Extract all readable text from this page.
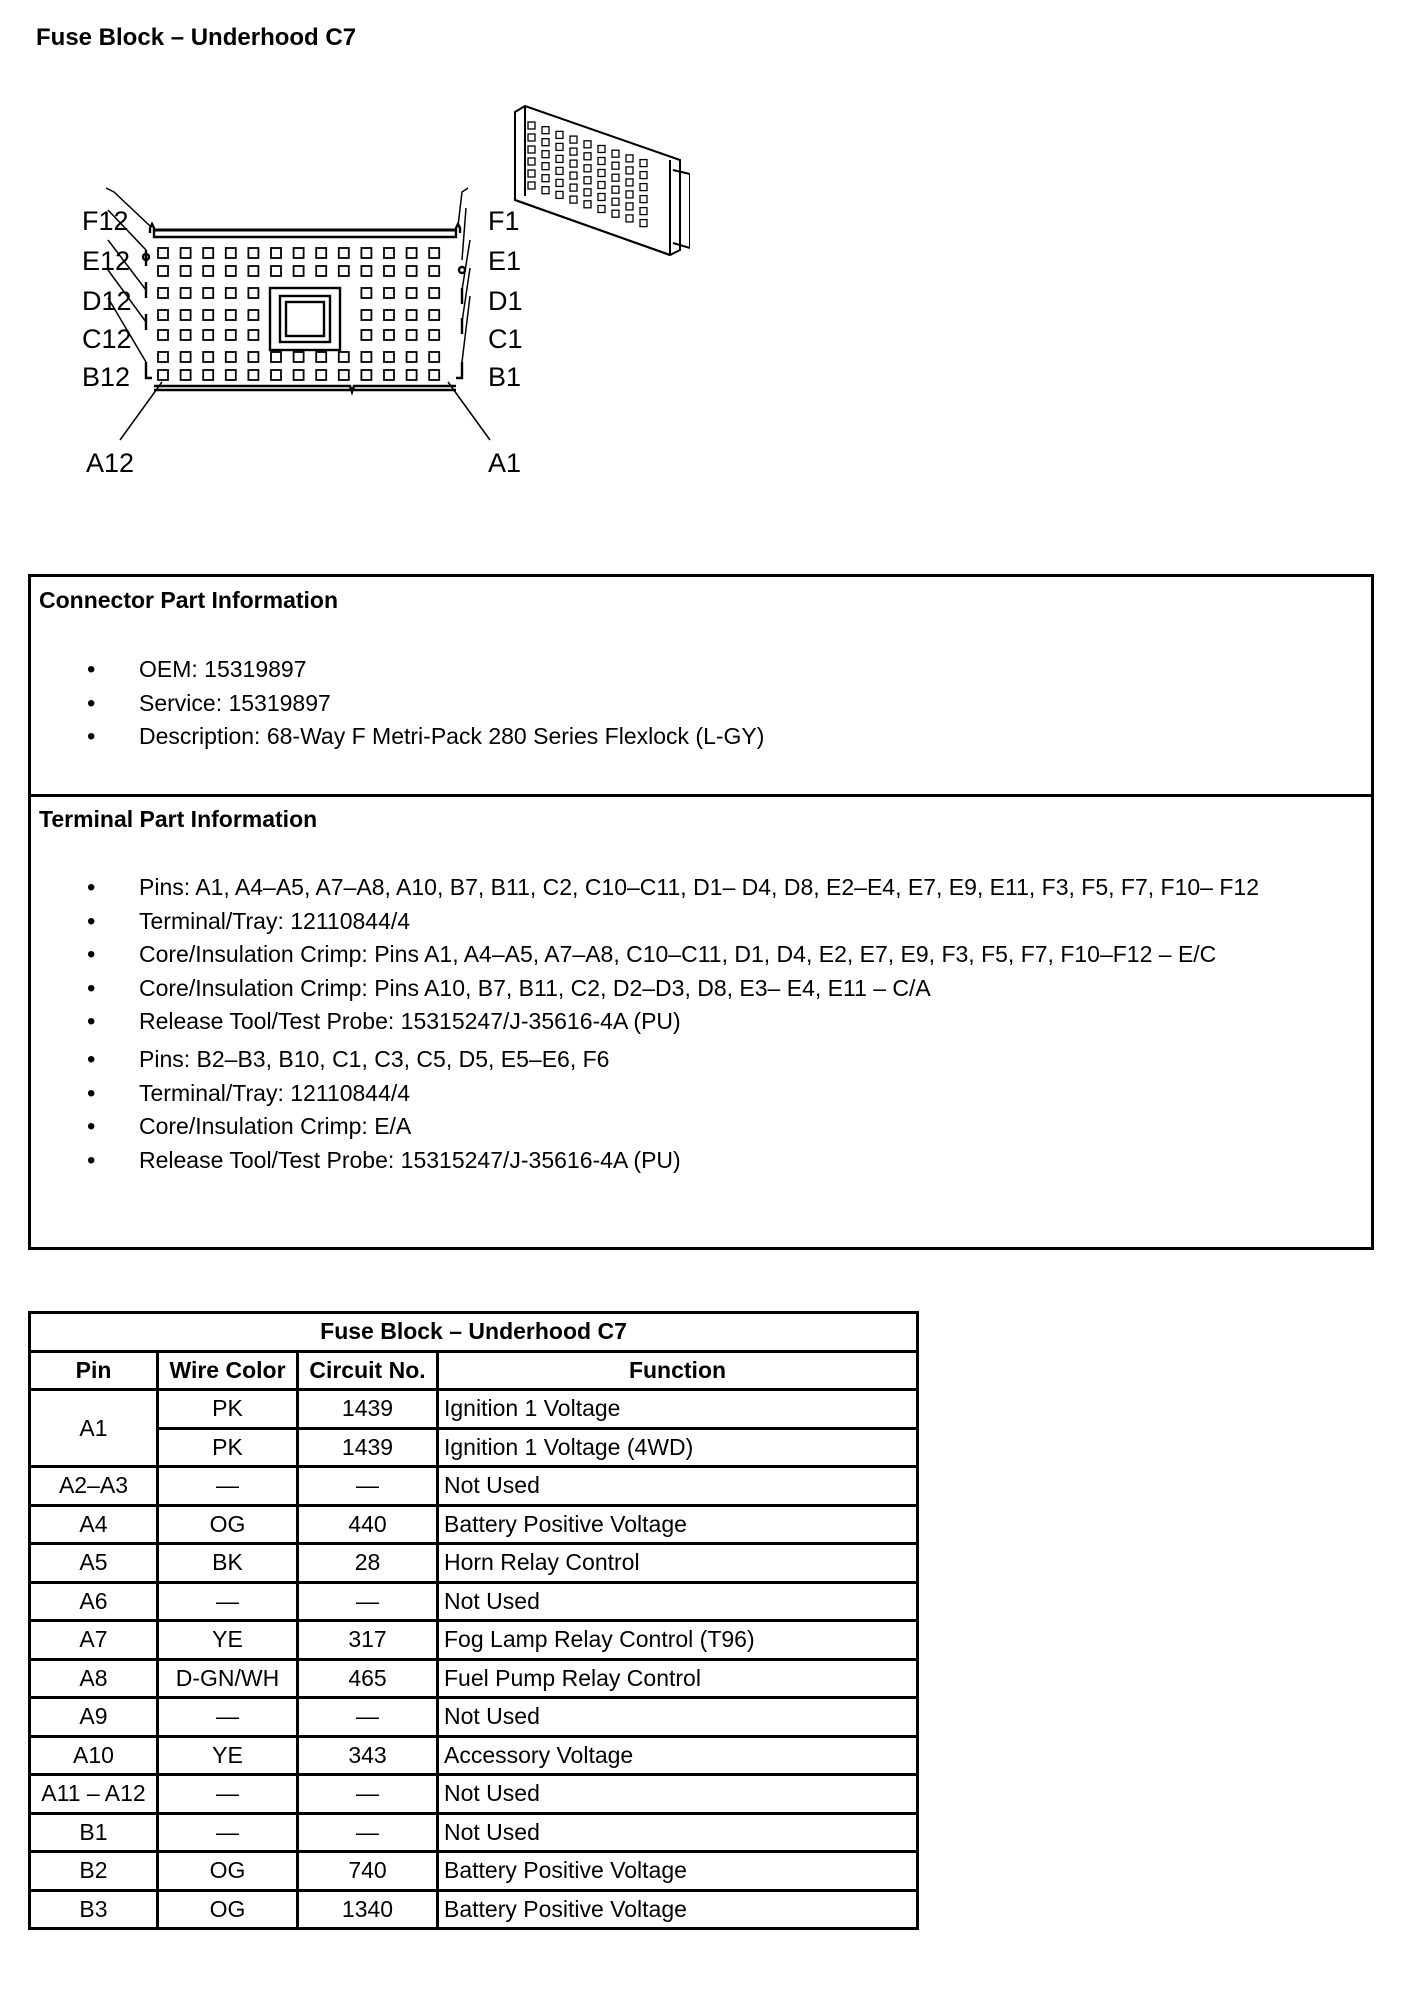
Fuse Block – Underhood C7
F12
E12
D12
C12
B12
A12
F1
E1
D1
C1
B1
A1
Connector Part Information
• OEM: 15319897
• Service: 15319897
• Description: 68-Way F Metri-Pack 280 Series Flexlock (L-GY)
Terminal Part Information
• Pins: A1, A4–A5, A7–A8, A10, B7, B11, C2, C10–C11, D1– D4, D8, E2–E4, E7, E9, E11, F3, F5, F7, F10– F12
• Terminal/Tray: 12110844/4
• Core/Insulation Crimp: Pins A1, A4–A5, A7–A8, C10–C11, D1, D4, E2, E7, E9, F3, F5, F7, F10–F12 – E/C
• Core/Insulation Crimp: Pins A10, B7, B11, C2, D2–D3, D8, E3– E4, E11 – C/A
• Release Tool/Test Probe: 15315247/J-35616-4A (PU)
• Pins: B2–B3, B10, C1, C3, C5, D5, E5–E6, F6
• Terminal/Tray: 12110844/4
• Core/Insulation Crimp: E/A
• Release Tool/Test Probe: 15315247/J-35616-4A (PU)
Fuse Block – Underhood C7			
Pin	Wire Color	Circuit No.	Function
A1	PK	1439	Ignition 1 Voltage
	PK	1439	Ignition 1 Voltage (4WD)
A2–A3	—	—	Not Used
A4	OG	440	Battery Positive Voltage
A5	BK	28	Horn Relay Control
A6	—	—	Not Used
A7	YE	317	Fog Lamp Relay Control (T96)
A8	D-GN/WH	465	Fuel Pump Relay Control
A9	—	—	Not Used
A10	YE	343	Accessory Voltage
A11 – A12	—	—	Not Used
B1	—	—	Not Used
B2	OG	740	Battery Positive Voltage
B3	OG	1340	Battery Positive Voltage
